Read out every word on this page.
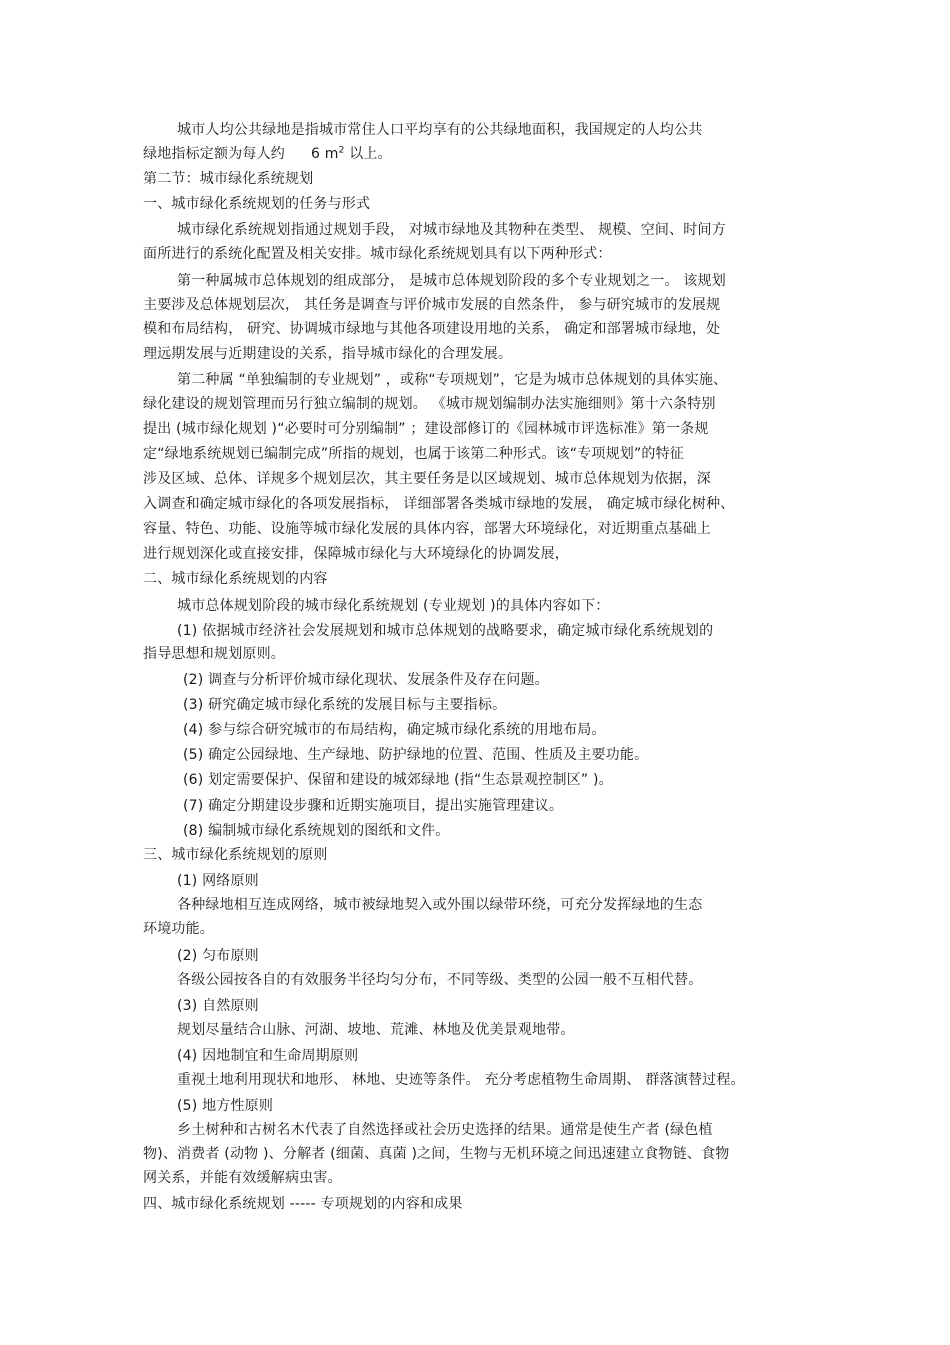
城市人均公共绿地是指城市常住人口平均享有的公共绿地面积，我国规定的人均公共
绿地指标定额为每人约 6 $m^2$ 以上。
第二节：城市绿化系统规划
一、城市绿化系统规划的任务与形式
城市绿化系统规划指通过规划手段， 对城市绿地及其物种在类型、 规模、空间、时间方
面所进行的系统化配置及相关安排。城市绿化系统规划具有以下两种形式：
第一种属城市总体规划的组成部分， 是城市总体规划阶段的多个专业规划之一。 该规划
主要涉及总体规划层次， 其任务是调查与评价城市发展的自然条件， 参与研究城市的发展规
模和布局结构， 研究、协调城市绿地与其他各项建设用地的关系， 确定和部署城市绿地，处
理远期发展与近期建设的关系，指导城市绿化的合理发展。
第二种属 “单独编制的专业规划” ，或称“专项规划”，它是为城市总体规划的具体实施、
绿化建设的规划管理而另行独立编制的规划。 《城市规划编制办法实施细则》第十六条特别
提出 (城市绿化规划 )“必要时可分别编制” ；建设部修订的《园林城市评选标准》第一条规
定“绿地系统规划已编制完成”所指的规划，也属于该第二种形式。该“专项规划”的特征
涉及区域、总体、详规多个规划层次，其主要任务是以区域规划、城市总体规划为依据，深
入调查和确定城市绿化的各项发展指标， 详细部署各类城市绿地的发展， 确定城市绿化树种、
容量、特色、功能、设施等城市绿化发展的具体内容，部署大环境绿化，对近期重点基础上
进行规划深化或直接安排，保障城市绿化与大环境绿化的协调发展，
二、城市绿化系统规划的内容
城市总体规划阶段的城市绿化系统规划 (专业规划 )的具体内容如下：
(1) 依据城市经济社会发展规划和城市总体规划的战略要求，确定城市绿化系统规划的
指导思想和规划原则。
(2) 调查与分析评价城市绿化现状、发展条件及存在问题。
(3) 研究确定城市绿化系统的发展目标与主要指标。
(4) 参与综合研究城市的布局结构，确定城市绿化系统的用地布局。
(5) 确定公园绿地、生产绿地、防护绿地的位置、范围、性质及主要功能。
(6) 划定需要保护、保留和建设的城郊绿地 (指“生态景观控制区” )。
(7) 确定分期建设步骤和近期实施项目，提出实施管理建议。
(8) 编制城市绿化系统规划的图纸和文件。
三、城市绿化系统规划的原则
(1) 网络原则
各种绿地相互连成网络，城市被绿地契入或外围以绿带环绕，可充分发挥绿地的生态
环境功能。
(2) 匀布原则
各级公园按各自的有效服务半径均匀分布，不同等级、类型的公园一般不互相代替。
(3) 自然原则
规划尽量结合山脉、河湖、坡地、荒滩、林地及优美景观地带。
(4) 因地制宜和生命周期原则
重视土地利用现状和地形、 林地、史迹等条件。 充分考虑植物生命周期、 群落演替过程。
(5) 地方性原则
乡土树种和古树名木代表了自然选择或社会历史选择的结果。通常是使生产者 (绿色植
物)、消费者 (动物 )、分解者 (细菌、真菌 )之间，生物与无机环境之间迅速建立食物链、食物
网关系，并能有效缓解病虫害。
四、城市绿化系统规划 ----- 专项规划的内容和成果
